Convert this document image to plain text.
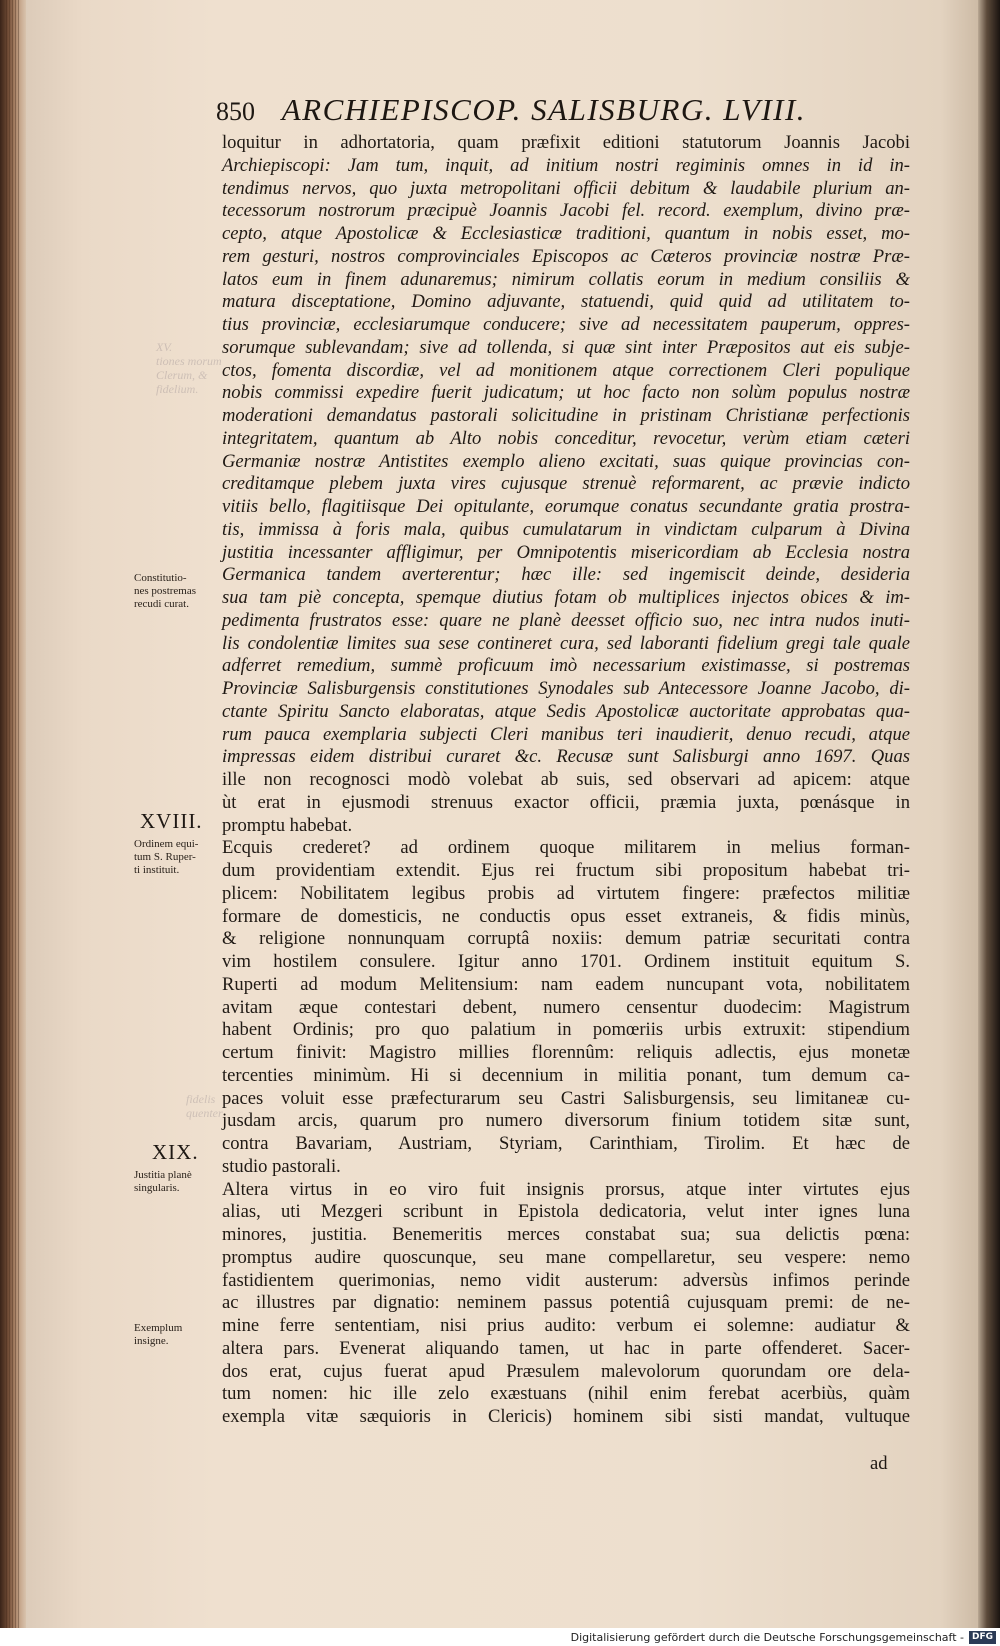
XV.
tiones morum
Clerum, &
fidelium.
fidelis
quenter
850 ARCHIEPISCOP. SALISBURG. LVIII.
loquitur in adhortatoria, quam præfixit editioni statutorum Joannis Jacobi
Archiepiscopi: Jam tum, inquit, ad initium nostri regiminis omnes in id in-
tendimus nervos, quo juxta metropolitani officii debitum & laudabile plurium an-
tecessorum nostrorum præcipuè Joannis Jacobi fel. record. exemplum, divino præ-
cepto, atque Apostolicæ & Ecclesiasticæ traditioni, quantum in nobis esset, mo-
rem gesturi, nostros comprovinciales Episcopos ac Cæteros provinciæ nostræ Præ-
latos eum in finem adunaremus; nimirum collatis eorum in medium consiliis &
matura disceptatione, Domino adjuvante, statuendi, quid quid ad utilitatem to-
tius provinciæ, ecclesiarumque conducere; sive ad necessitatem pauperum, oppres-
sorumque sublevandam; sive ad tollenda, si quæ sint inter Præpositos aut eis subje-
ctos, fomenta discordiæ, vel ad monitionem atque correctionem Cleri populique
nobis commissi expedire fuerit judicatum; ut hoc facto non solùm populus nostræ
moderationi demandatus pastorali solicitudine in pristinam Christianæ perfectionis
integritatem, quantum ab Alto nobis conceditur, revocetur, verùm etiam cæteri
Germaniæ nostræ Antistites exemplo alieno excitati, suas quique provincias con-
creditamque plebem juxta vires cujusque strenuè reformarent, ac prævie indicto
vitiis bello, flagitiisque Dei opitulante, eorumque conatus secundante gratia prostra-
tis, immissa à foris mala, quibus cumulatarum in vindictam culparum à Divina
justitia incessanter affligimur, per Omnipotentis misericordiam ab Ecclesia nostra
Germanica tandem averterentur; hæc ille: sed ingemiscit deinde, desideria
sua tam piè concepta, spemque diutius fotam ob multiplices injectos obices & im-
pedimenta frustratos esse: quare ne planè deesset officio suo, nec intra nudos inuti-
lis condolentiæ limites sua sese contineret cura, sed laboranti fidelium gregi tale quale
adferret remedium, summè proficuum imò necessarium existimasse, si postremas
Provinciæ Salisburgensis constitutiones Synodales sub Antecessore Joanne Jacobo, di-
ctante Spiritu Sancto elaboratas, atque Sedis Apostolicæ auctoritate approbatas qua-
rum pauca exemplaria subjecti Cleri manibus teri inaudierit, denuo recudi, atque
impressas eidem distribui curaret &c. Recusæ sunt Salisburgi anno 1697. Quas
ille non recognosci modò volebat ab suis, sed observari ad apicem: atque
ùt erat in ejusmodi strenuus exactor officii, præmia juxta, pœnásque in
promptu habebat.
Ecquis crederet? ad ordinem quoque militarem in melius forman-
dum providentiam extendit. Ejus rei fructum sibi propositum habebat tri-
plicem: Nobilitatem legibus probis ad virtutem fingere: præfectos militiæ
formare de domesticis, ne conductis opus esset extraneis, & fidis minùs,
& religione nonnunquam corruptâ noxiis: demum patriæ securitati contra
vim hostilem consulere. Igitur anno 1701. Ordinem instituit equitum S.
Ruperti ad modum Melitensium: nam eadem nuncupant vota, nobilitatem
avitam æque contestari debent, numero censentur duodecim: Magistrum
habent Ordinis; pro quo palatium in pomœriis urbis extruxit: stipendium
certum finivit: Magistro millies florennûm: reliquis adlectis, ejus monetæ
tercenties minimùm. Hi si decennium in militia ponant, tum demum ca-
paces voluit esse præfecturarum seu Castri Salisburgensis, seu limitaneæ cu-
jusdam arcis, quarum pro numero diversorum finium totidem sitæ sunt,
contra Bavariam, Austriam, Styriam, Carinthiam, Tirolim. Et hæc de
studio pastorali.
Altera virtus in eo viro fuit insignis prorsus, atque inter virtutes ejus
alias, uti Mezgeri scribunt in Epistola dedicatoria, velut inter ignes luna
minores, justitia. Benemeritis merces constabat sua; sua delictis pœna:
promptus audire quoscunque, seu mane compellaretur, seu vespere: nemo
fastidientem querimonias, nemo vidit austerum: adversùs infimos perinde
ac illustres par dignatio: neminem passus potentiâ cujusquam premi: de ne-
mine ferre sententiam, nisi prius audito: verbum ei solemne: audiatur &
altera pars. Evenerat aliquando tamen, ut hac in parte offenderet. Sacer-
dos erat, cujus fuerat apud Præsulem malevolorum quorundam ore dela-
tum nomen: hic ille zelo exæstuans (nihil enim ferebat acerbiùs, quàm
exempla vitæ sæquioris in Clericis) hominem sibi sisti mandat, vultuque
Constitutio-
nes postremas
recudi curat.
XVIII.
Ordinem equi-
tum S. Ruper-
ti instituit.
XIX.
Justitia planè
singularis.
Exemplum
insigne.
ad
Digitalisierung gefördert durch die Deutsche Forschungsgemeinschaft - DFG
